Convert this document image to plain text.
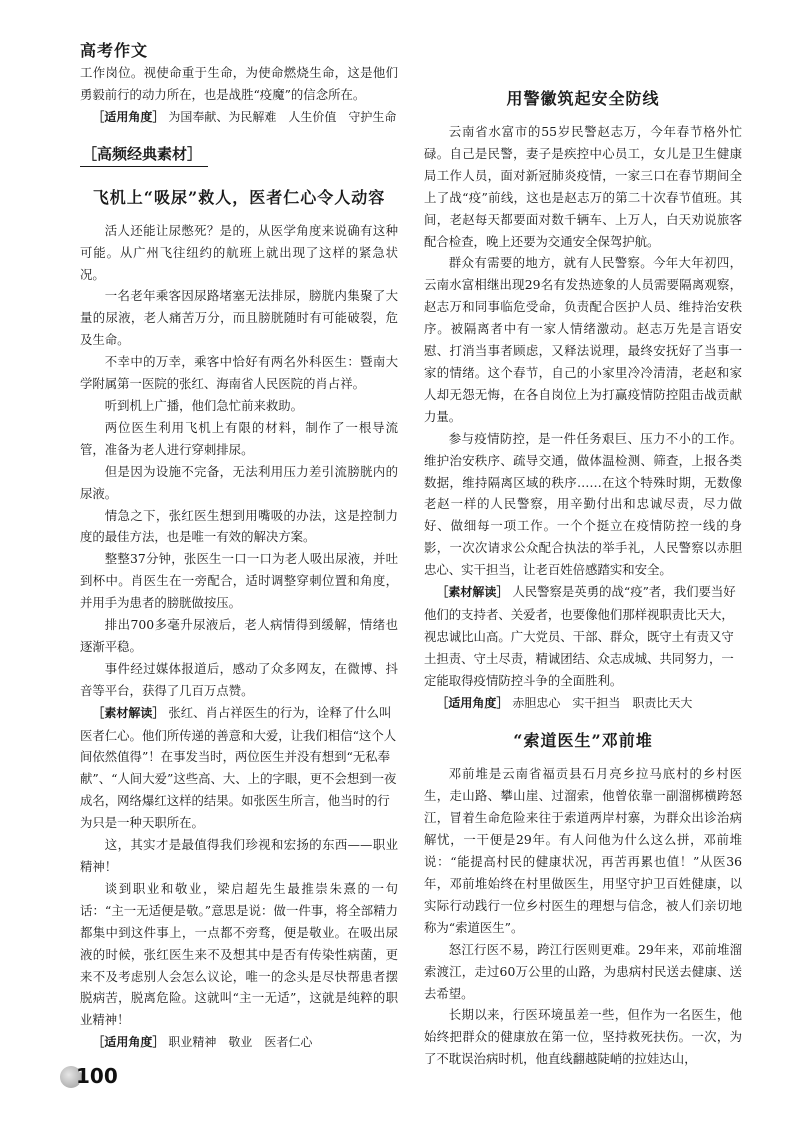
高考作文

工作岗位。视使命重于生命，为使命燃烧生命，这是他们勇毅前行的动力所在，也是战胜“疫魔”的信念所在。

［适用角度］ 为国奉献、为民解难　人生价值　守护生命
［高频经典素材］
飞机上“吸尿”救人，医者仁心令人动容

活人还能让尿憋死？是的，从医学角度来说确有这种可能。从广州飞往纽约的航班上就出现了这样的紧急状况。

一名老年乘客因尿路堵塞无法排尿，膀胱内集聚了大量的尿液，老人痛苦万分，而且膀胱随时有可能破裂，危及生命。

不幸中的万幸，乘客中恰好有两名外科医生：暨南大学附属第一医院的张红、海南省人民医院的肖占祥。

听到机上广播，他们急忙前来救助。

两位医生利用飞机上有限的材料，制作了一根导流管，准备为老人进行穿刺排尿。

但是因为设施不完备，无法利用压力差引流膀胱内的尿液。

情急之下，张红医生想到用嘴吸的办法，这是控制力度的最佳方法，也是唯一有效的解决方案。

整整37分钟，张医生一口一口为老人吸出尿液，并吐到杯中。肖医生在一旁配合，适时调整穿刺位置和角度，并用手为患者的膀胱做按压。

排出700多毫升尿液后，老人病情得到缓解，情绪也逐渐平稳。

事件经过媒体报道后，感动了众多网友，在微博、抖音等平台，获得了几百万点赞。

［素材解读］ 张红、肖占祥医生的行为，诠释了什么叫医者仁心。他们所传递的善意和大爱，让我们相信“这个人间依然值得”！在事发当时，两位医生并没有想到“无私奉献”、“人间大爱”这些高、大、上的字眼，更不会想到一夜成名，网络爆红这样的结果。如张医生所言，他当时的行为只是一种天职所在。

这，其实才是最值得我们珍视和宏扬的东西——职业精神！

谈到职业和敬业，梁启超先生最推崇朱熹的一句话：“主一无适便是敬。”意思是说：做一件事，将全部精力都集中到这件事上，一点都不旁骛，便是敬业。在吸出尿液的时候，张红医生来不及想其中是否有传染性病菌，更来不及考虑别人会怎么议论，唯一的念头是尽快帮患者摆脱病苦，脱离危险。这就叫“主一无适”，这就是纯粹的职业精神！

［适用角度］ 职业精神　敬业　医者仁心
用警徽筑起安全防线

云南省水富市的55岁民警赵志万，今年春节格外忙碌。自己是民警，妻子是疾控中心员工，女儿是卫生健康局工作人员，面对新冠肺炎疫情，一家三口在春节期间全上了战“疫”前线，这也是赵志万的第二十次春节值班。其间，老赵每天都要面对数千辆车、上万人，白天劝说旅客配合检查，晚上还要为交通安全保驾护航。

群众有需要的地方，就有人民警察。今年大年初四，云南水富相继出现29名有发热迹象的人员需要隔离观察，赵志万和同事临危受命，负责配合医护人员、维持治安秩序。被隔离者中有一家人情绪激动。赵志万先是言语安慰、打消当事者顾虑，又释法说理，最终安抚好了当事一家的情绪。这个春节，自己的小家里冷冷清清，老赵和家人却无怨无悔，在各自岗位上为打赢疫情防控阻击战贡献力量。

参与疫情防控，是一件任务艰巨、压力不小的工作。维护治安秩序、疏导交通，做体温检测、筛查，上报各类数据，维持隔离区域的秩序……在这个特殊时期，无数像老赵一样的人民警察，用辛勤付出和忠诚尽责，尽力做好、做细每一项工作。一个个挺立在疫情防控一线的身影，一次次请求公众配合执法的举手礼，人民警察以赤胆忠心、实干担当，让老百姓倍感踏实和安全。

［素材解读］ 人民警察是英勇的战“疫”者，我们要当好他们的支持者、关爱者，也要像他们那样视职责比天大，视忠诚比山高。广大党员、干部、群众，既守土有责又守土担责、守土尽责，精诚团结、众志成城、共同努力，一定能取得疫情防控斗争的全面胜利。
［适用角度］ 赤胆忠心　实干担当　职责比天大
“索道医生”邓前堆

邓前堆是云南省福贡县石月亮乡拉马底村的乡村医生，走山路、攀山崖、过溜索，他曾依靠一副溜梆横跨怒江，冒着生命危险来往于索道两岸村寨，为群众出诊治病解忧，一干便是29年。有人问他为什么这么拼，邓前堆说：“能提高村民的健康状况，再苦再累也值！”从医36年，邓前堆始终在村里做医生，用坚守护卫百姓健康，以实际行动践行一位乡村医生的理想与信念，被人们亲切地称为“索道医生”。

怒江行医不易，跨江行医则更难。29年来，邓前堆溜索渡江，走过60万公里的山路，为患病村民送去健康、送去希望。

长期以来，行医环境虽差一些，但作为一名医生，他始终把群众的健康放在第一位，坚持救死扶伤。一次，为了不耽误治病时机，他直线翻越陡峭的拉娃达山，

100
